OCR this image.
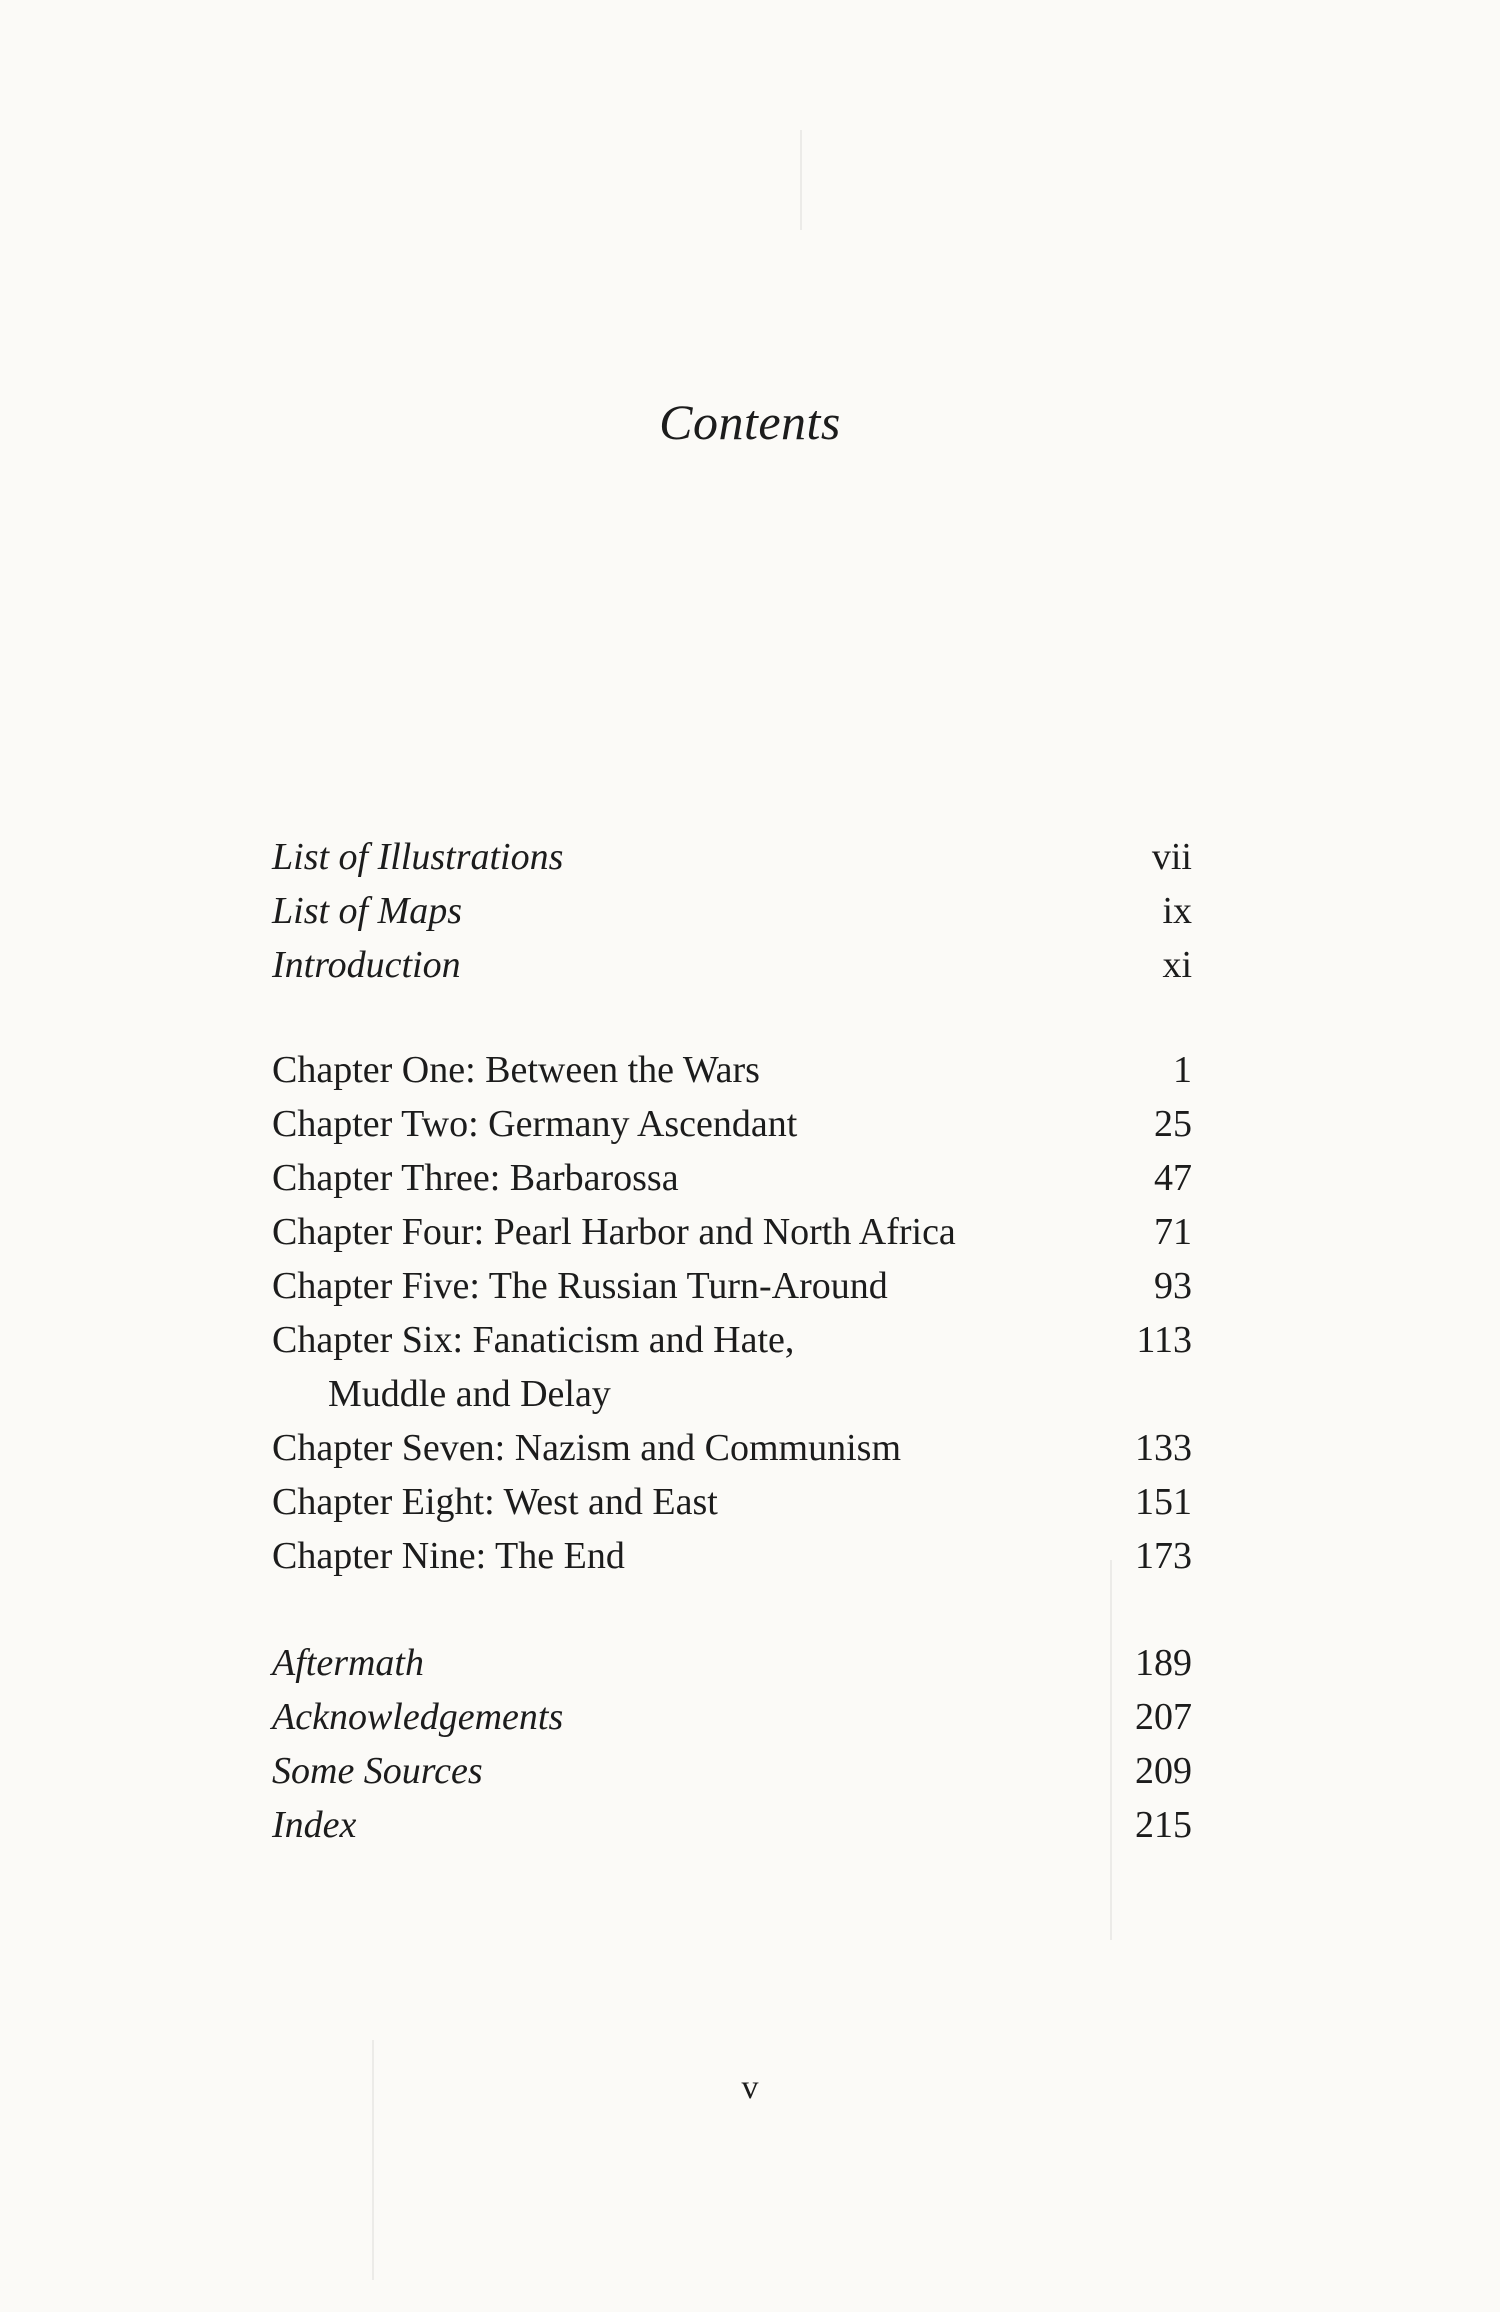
Contents
List of Illustrations	vii
List of Maps	ix
Introduction	xi
Chapter One: Between the Wars	1
Chapter Two: Germany Ascendant	25
Chapter Three: Barbarossa	47
Chapter Four: Pearl Harbor and North Africa	71
Chapter Five: The Russian Turn-Around	93
Chapter Six: Fanaticism and Hate,	113
Muddle and Delay
Chapter Seven: Nazism and Communism	133
Chapter Eight: West and East	151
Chapter Nine: The End	173
Aftermath	189
Acknowledgements	207
Some Sources	209
Index	215
v
